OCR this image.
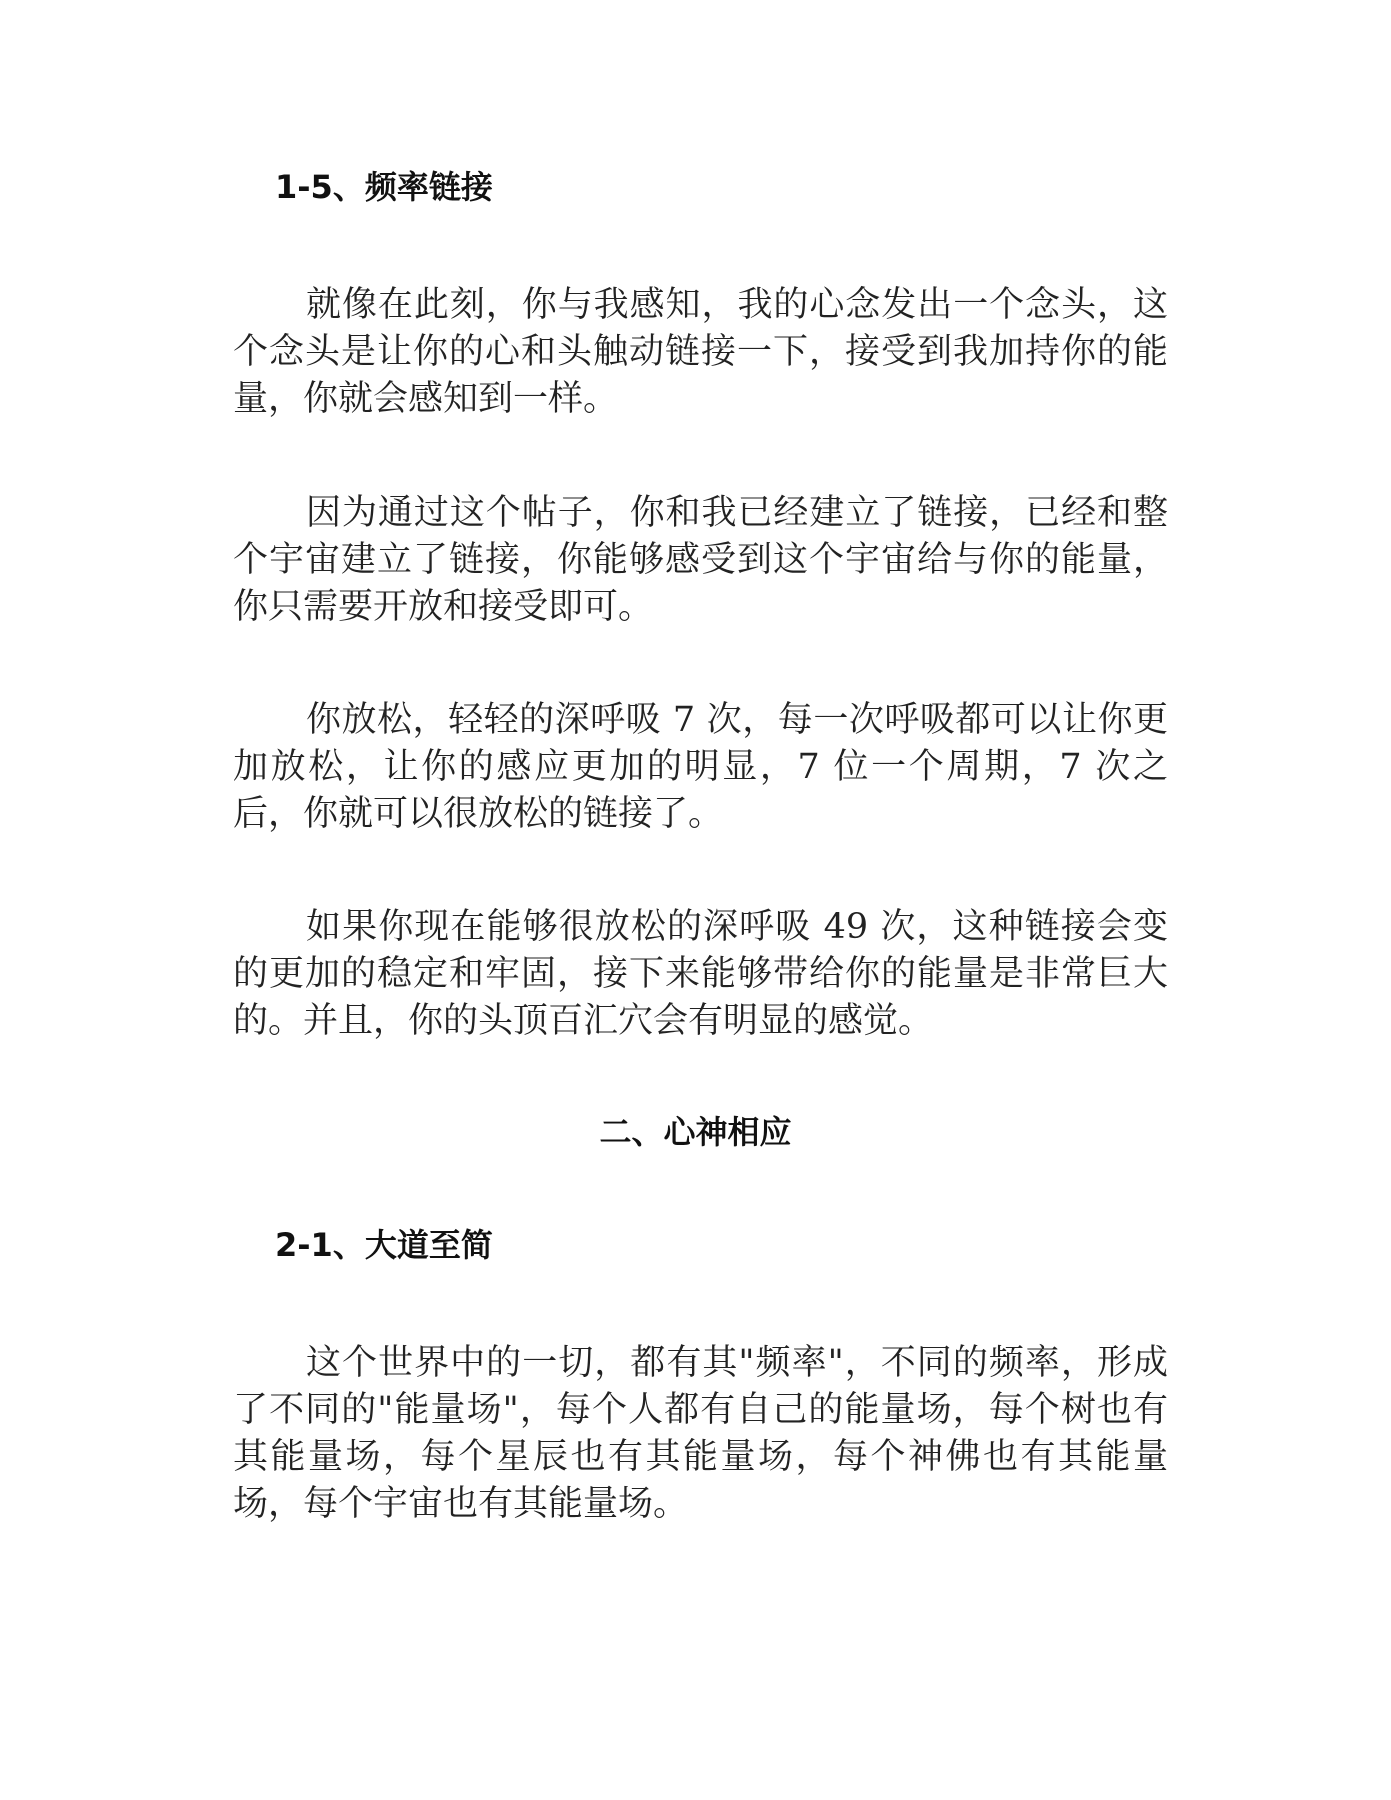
1-5、频率链接

就像在此刻，你与我感知，我的心念发出一个念头，这个念头是让你的心和头触动链接一下，接受到我加持你的能量，你就会感知到一样。

因为通过这个帖子，你和我已经建立了链接，已经和整个宇宙建立了链接，你能够感受到这个宇宙给与你的能量，你只需要开放和接受即可。

你放松，轻轻的深呼吸 7 次，每一次呼吸都可以让你更加放松，让你的感应更加的明显，7 位一个周期，7 次之后，你就可以很放松的链接了。

如果你现在能够很放松的深呼吸 49 次，这种链接会变的更加的稳定和牢固，接下来能够带给你的能量是非常巨大的。并且，你的头顶百汇穴会有明显的感觉。

二、心神相应
2-1、大道至简

这个世界中的一切，都有其"频率"，不同的频率，形成了不同的"能量场"，每个人都有自己的能量场，每个树也有其能量场，每个星辰也有其能量场，每个神佛也有其能量场，每个宇宙也有其能量场。
